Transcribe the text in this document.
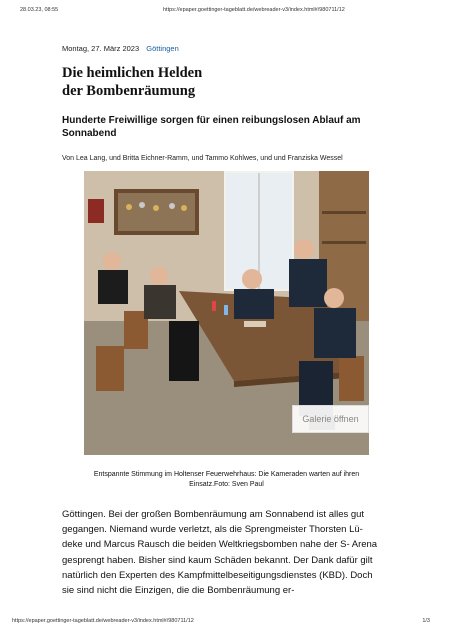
28.03.23, 08:55	https://epaper.goettinger-tageblatt.de/webreader-v3/index.html#/980711/12
Montag, 27. März 2023 Göttingen
Die heimlichen Helden
der Bombenräumung

Hunderte Freiwillige sorgen für einen reibungslosen Ablauf am Sonnabend

Von Lea Lang, und Britta Eichner-Ramm, und Tammo Kohlwes, und und Franziska Wessel
Galerie öffnen
Entspannte Stimmung im Holtenser Feuerwehrhaus: Die Kameraden warten auf ihren Einsatz.Foto: Sven Paul

Göttingen. Bei der großen Bombenräumung am Sonnabend ist alles gut gegangen. Niemand wurde verletzt, als die Sprengmeister Thorsten Lü- deke und Marcus Rausch die beiden Weltkriegsbomben nahe der S- Arena gesprengt haben. Bisher sind kaum Schäden bekannt. Der Dank dafür gilt natürlich den Experten des Kampfmittelbeseitigungsdienstes (KBD). Doch sie sind nicht die Einzigen, die die Bombenräumung er-

https://epaper.goettinger-tageblatt.de/webreader-v3/index.html#/980711/12	1/3
